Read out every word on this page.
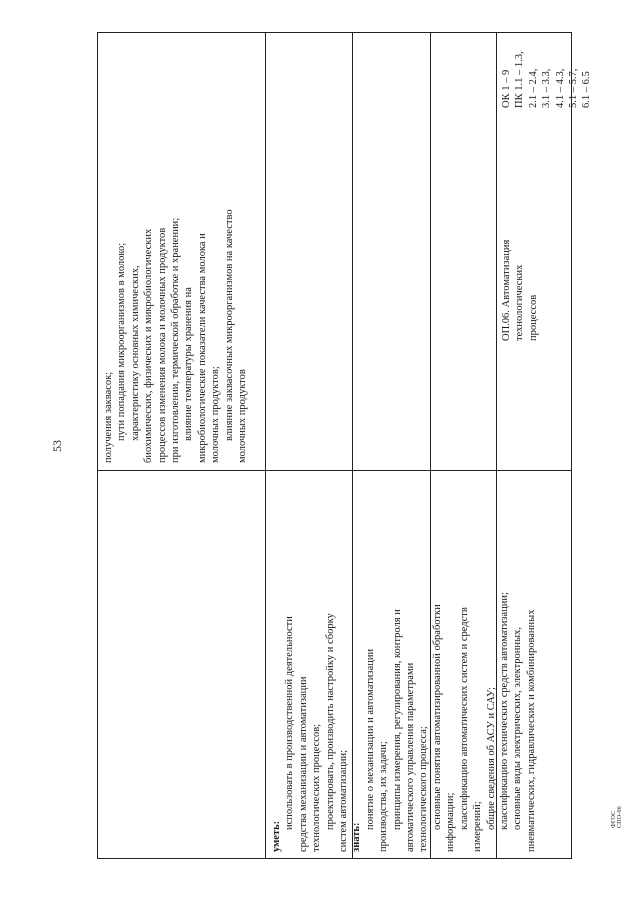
53	получения заквасок; пути попадания микроорганизмов в молоко; характеристику основных химических, биохимических, физических и микробиологических процессов изменения молока и молочных продуктов при изготовлении, термической обработке и хранении; влияние температуры хранения на микробиологические показатели качества молока и молочных продуктов; влияние заквасочных микроорганизмов на качество молочных продуктов
уметь:
использовать в производственной деятельности средства механизации и автоматизации технологических процессов; проектировать, производить настройку и сборку систем автоматизации; знать:
понятие о механизации и автоматизации производства, их задачи; принципы измерения, регулирования, контроля и автоматического управления параметрами технологического процесса; основные понятия автоматизированной обработки информации; классификацию автоматических систем и средств измерений; общие сведения об АСУ и САУ; классификацию технических средств автоматизации; основные виды электрических, электронных, пневматических, гидравлических и комбинированных
ОП.06. Автоматизация технологических процессов
ОК 1 – 9 ПК 1.1 – 1.3, 2.1 – 2.4, 3.1 – 3.3, 4.1 – 4.3, 5.1 – 5.7, 6.1 – 6.5
ФГОС СПО-06
